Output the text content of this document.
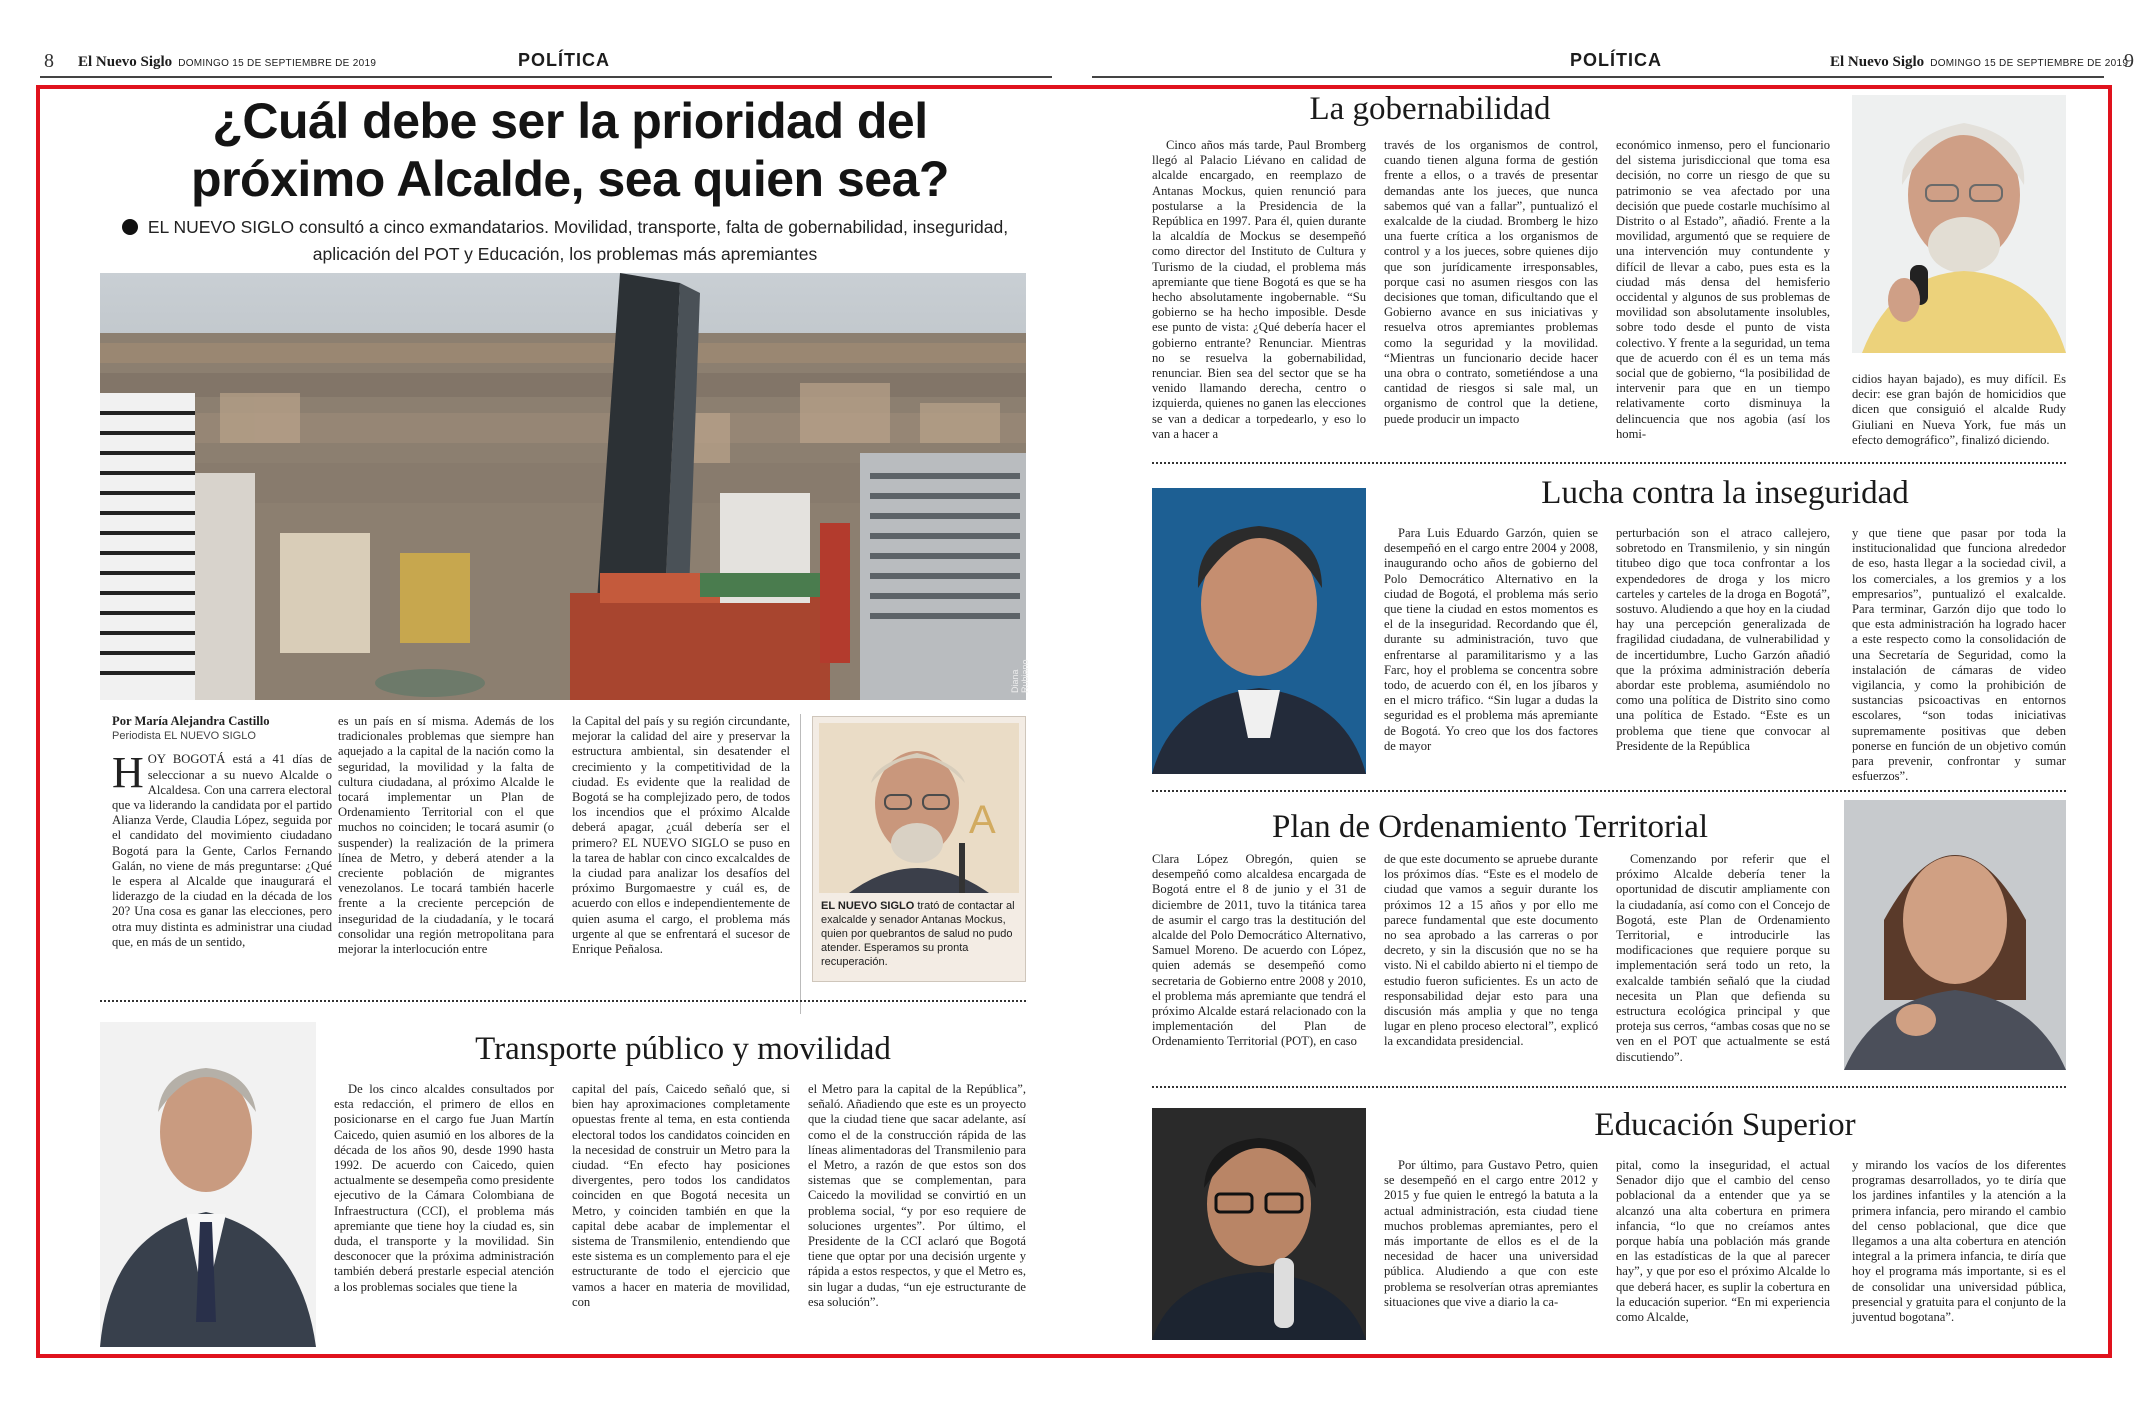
8 El Nuevo Siglo DOMINGO 15 DE SEPTIEMBRE DE 2019	POLÍTICA	POLÍTICA	El Nuevo Siglo DOMINGO 15 DE SEPTIEMBRE DE 2019
9
¿Cuál debe ser la prioridad del próximo Alcalde, sea quien sea?
EL NUEVO SIGLO consultó a cinco exmandatarios. Movilidad, transporte, falta de gobernabilidad, inseguridad, aplicación del POT y Educación, los problemas más apremiantes
Diana Rubiano
Por María Alejandra Castillo
Periodista EL NUEVO SIGLO

HOY BOGOTÁ está a 41 días de seleccionar a su nuevo Alcalde o Alcaldesa. Con una carrera electoral que va liderando la candidata por el partido Alianza Verde, Claudia López, seguida por el candidato del movimiento ciudadano Bogotá para la Gente, Carlos Fernando Galán, no viene de más preguntarse: ¿Qué le espera al Alcalde que inaugurará el liderazgo de la ciudad en la década de los 20? Una cosa es ganar las elecciones, pero otra muy distinta es administrar una ciudad que, en más de un sentido,

es un país en sí misma. Además de los tradicionales problemas que siempre han aquejado a la capital de la nación como la seguridad, la movilidad y la falta de cultura ciudadana, al próximo Alcalde le tocará implementar un Plan de Ordenamiento Territorial con el que muchos no coinciden; le tocará asumir (o suspender) la realización de la primera línea de Metro, y deberá atender a la creciente población de migrantes venezolanos. Le tocará también hacerle frente a la creciente percepción de inseguridad de la ciudadanía, y le tocará consolidar una región metropolitana para mejorar la interlocución entre

la Capital del país y su región circundante, mejorar la calidad del aire y preservar la estructura ambiental, sin desatender el crecimiento y la competitividad de la ciudad. Es evidente que la realidad de Bogotá se ha complejizado pero, de todos los incendios que el próximo Alcalde deberá apagar, ¿cuál debería ser el primero? EL NUEVO SIGLO se puso en la tarea de hablar con cinco excalcaldes de la ciudad para analizar los desafíos del próximo Burgomaestre y cuál es, de acuerdo con ellos e independientemente de quien asuma el cargo, el problema más urgente al que se enfrentará el sucesor de Enrique Peñalosa.

A
EL NUEVO SIGLO trató de contactar al exalcalde y senador Antanas Mockus, quien por quebrantos de salud no pudo atender. Esperamos su pronta recuperación.
Transporte público y movilidad

De los cinco alcaldes consultados por esta redacción, el primero de ellos en posicionarse en el cargo fue Juan Martín Caicedo, quien asumió en los albores de la década de los años 90, desde 1990 hasta 1992. De acuerdo con Caicedo, quien actualmente se desempeña como presidente ejecutivo de la Cámara Colombiana de Infraestructura (CCI), el problema más apremiante que tiene hoy la ciudad es, sin duda, el transporte y la movilidad. Sin desconocer que la próxima administración también deberá prestarle especial atención a los problemas sociales que tiene la

capital del país, Caicedo señaló que, si bien hay aproximaciones completamente opuestas frente al tema, en esta contienda electoral todos los candidatos coinciden en la necesidad de construir un Metro para la ciudad. “En efecto hay posiciones divergentes, pero todos los candidatos coinciden en que Bogotá necesita un Metro, y coinciden también en que la capital debe acabar de implementar el sistema de Transmilenio, entendiendo que este sistema es un complemento para el eje estructurante de todo el ejercicio que vamos a hacer en materia de movilidad, con

el Metro para la capital de la República”, señaló. Añadiendo que este es un proyecto que la ciudad tiene que sacar adelante, así como el de la construcción rápida de las líneas alimentadoras del Transmilenio para el Metro, a razón de que estos son dos sistemas que se complementan, para Caicedo la movilidad se convirtió en un problema social, “y por eso requiere de soluciones urgentes”. Por último, el Presidente de la CCI aclaró que Bogotá tiene que optar por una decisión urgente y rápida a estos respectos, y que el Metro es, sin lugar a dudas, “un eje estructurante de esa solución”.

La gobernabilidad

Cinco años más tarde, Paul Bromberg llegó al Palacio Liévano en calidad de alcalde encargado, en reemplazo de Antanas Mockus, quien renunció para postularse a la Presidencia de la República en 1997. Para él, quien durante la alcaldía de Mockus se desempeñó como director del Instituto de Cultura y Turismo de la ciudad, el problema más apremiante que tiene Bogotá es que se ha hecho absolutamente ingobernable. “Su gobierno se ha hecho imposible. Desde ese punto de vista: ¿Qué debería hacer el gobierno entrante? Renunciar. Mientras no se resuelva la gobernabilidad, renunciar. Bien sea del sector que se ha venido llamando derecha, centro o izquierda, quienes no ganen las elecciones se van a dedicar a torpedearlo, y eso lo van a hacer a

través de los organismos de control, cuando tienen alguna forma de gestión frente a ellos, o a través de presentar demandas ante los jueces, que nunca sabemos qué van a fallar”, puntualizó el exalcalde de la ciudad. Bromberg le hizo una fuerte crítica a los organismos de control y a los jueces, sobre quienes dijo que son jurídicamente irresponsables, porque casi no asumen riesgos con las decisiones que toman, dificultando que el Gobierno avance en sus iniciativas y resuelva otros apremiantes problemas como la seguridad y la movilidad. “Mientras un funcionario decide hacer una obra o contrato, sometiéndose a una cantidad de riesgos si sale mal, un organismo de control que la detiene, puede producir un impacto

económico inmenso, pero el funcionario del sistema jurisdiccional que toma esa decisión, no corre un riesgo de que su patrimonio se vea afectado por una decisión que puede costarle muchísimo al Distrito o al Estado”, añadió. Frente a la movilidad, argumentó que se requiere de una intervención muy contundente y difícil de llevar a cabo, pues esta es la ciudad más densa del hemisferio occidental y algunos de sus problemas de movilidad son absolutamente insolubles, sobre todo desde el punto de vista colectivo. Y frente a la seguridad, un tema que de acuerdo con él es un tema más social que de gobierno, “la posibilidad de intervenir para que en un tiempo relativamente corto disminuya la delincuencia que nos agobia (así los homi-

cidios hayan bajado), es muy difícil. Es decir: ese gran bajón de homicidios que dicen que consiguió el alcalde Rudy Giuliani en Nueva York, fue más un efecto demográfico”, finalizó diciendo.

Lucha contra la inseguridad

Para Luis Eduardo Garzón, quien se desempeñó en el cargo entre 2004 y 2008, inaugurando ocho años de gobierno del Polo Democrático Alternativo en la ciudad de Bogotá, el problema más serio que tiene la ciudad en estos momentos es el de la inseguridad. Recordando que él, durante su administración, tuvo que enfrentarse al paramilitarismo y a las Farc, hoy el problema se concentra sobre todo, de acuerdo con él, en los jíbaros y en el micro tráfico. “Sin lugar a dudas la seguridad es el problema más apremiante de Bogotá. Yo creo que los dos factores de mayor

perturbación son el atraco callejero, sobretodo en Transmilenio, y sin ningún titubeo digo que toca confrontar a los expendedores de droga y los micro carteles y carteles de la droga en Bogotá”, sostuvo. Aludiendo a que hoy en la ciudad hay una percepción generalizada de fragilidad ciudadana, de vulnerabilidad y de incertidumbre, Lucho Garzón añadió que la próxima administración debería abordar este problema, asumiéndolo no como una política de Distrito sino como una política de Estado. “Este es un problema que tiene que convocar al Presidente de la República

y que tiene que pasar por toda la institucionalidad que funciona alrededor de eso, hasta llegar a la sociedad civil, a los comerciales, a los gremios y a los empresarios”, puntualizó el exalcalde. Para terminar, Garzón dijo que todo lo que esta administración ha logrado hacer a este respecto como la consolidación de una Secretaría de Seguridad, como la instalación de cámaras de video vigilancia, y como la prohibición de sustancias psicoactivas en entornos escolares, “son todas iniciativas supremamente positivas que deben ponerse en función de un objetivo común para prevenir, confrontar y sumar esfuerzos”.

Plan de Ordenamiento Territorial

Clara López Obregón, quien se desempeñó como alcaldesa encargada de Bogotá entre el 8 de junio y el 31 de diciembre de 2011, tuvo la titánica tarea de asumir el cargo tras la destitución del alcalde del Polo Democrático Alternativo, Samuel Moreno. De acuerdo con López, quien además se desempeñó como secretaria de Gobierno entre 2008 y 2010, el problema más apremiante que tendrá el próximo Alcalde estará relacionado con la implementación del Plan de Ordenamiento Territorial (POT), en caso

de que este documento se apruebe durante los próximos días. “Este es el modelo de ciudad que vamos a seguir durante los próximos 12 a 15 años y por ello me parece fundamental que este documento no sea aprobado a las carreras o por decreto, y sin la discusión que no se ha visto. Ni el cabildo abierto ni el tiempo de estudio fueron suficientes. Es un acto de responsabilidad dejar esto para una discusión más amplia y que no tenga lugar en pleno proceso electoral”, explicó la excandidata presidencial.

Comenzando por referir que el próximo Alcalde debería tener la oportunidad de discutir ampliamente con la ciudadanía, así como con el Concejo de Bogotá, este Plan de Ordenamiento Territorial, e introducirle las modificaciones que requiere porque su implementación será todo un reto, la exalcalde también señaló que la ciudad necesita un Plan que defienda su estructura ecológica principal y que proteja sus cerros, “ambas cosas que no se ven en el POT que actualmente se está discutiendo”.

Educación Superior

Por último, para Gustavo Petro, quien se desempeñó en el cargo entre 2012 y 2015 y fue quien le entregó la batuta a la actual administración, esta ciudad tiene muchos problemas apremiantes, pero el más importante de ellos es el de la necesidad de hacer una universidad pública. Aludiendo a que con este problema se resolverían otras apremiantes situaciones que vive a diario la ca-

pital, como la inseguridad, el actual Senador dijo que el cambio del censo poblacional da a entender que ya se alcanzó una alta cobertura en primera infancia, “lo que no creíamos antes porque había una población más grande en las estadísticas de la que al parecer hay”, y que por eso el próximo Alcalde lo que deberá hacer, es suplir la cobertura en la educación superior. “En mi experiencia como Alcalde,

y mirando los vacíos de los diferentes programas desarrollados, yo te diría que los jardines infantiles y la atención a la primera infancia, pero mirando el cambio del censo poblacional, que dice que llegamos a una alta cobertura en atención integral a la primera infancia, te diría que hoy el programa más importante, si es el de consolidar una universidad pública, presencial y gratuita para el conjunto de la juventud bogotana”.
